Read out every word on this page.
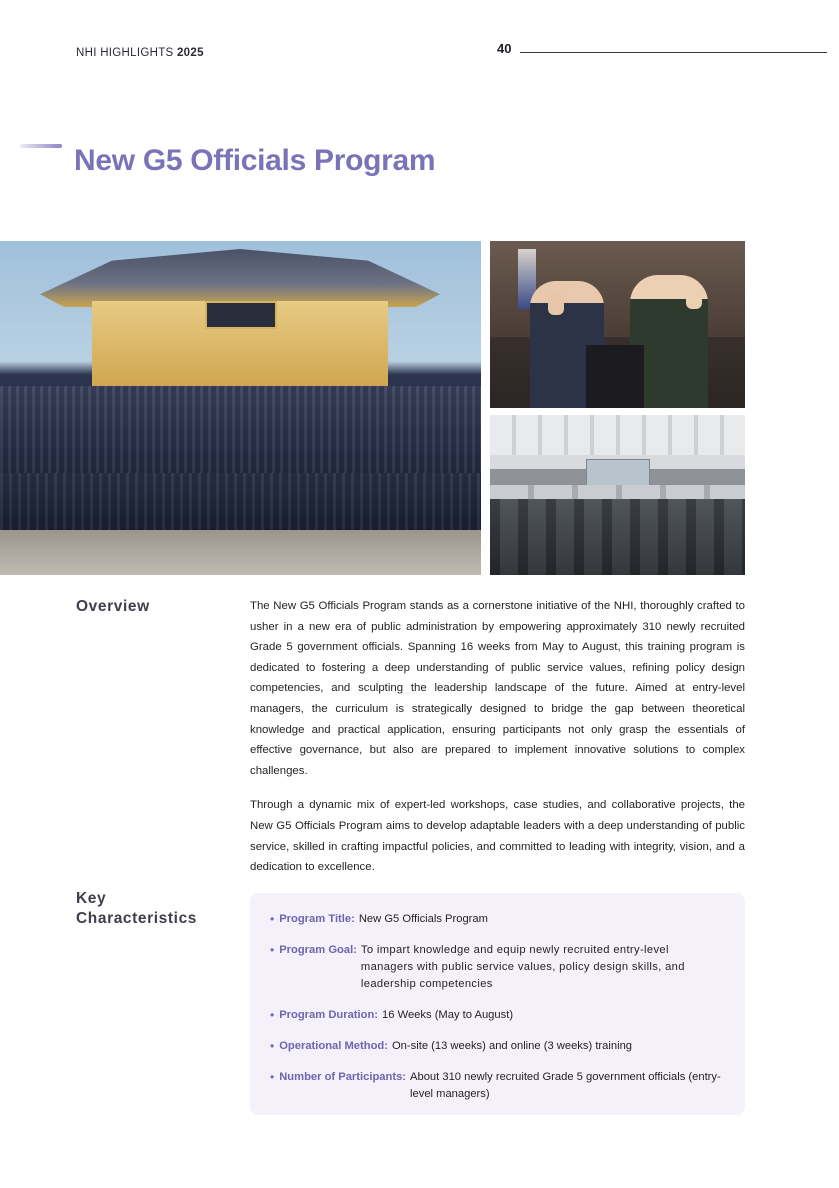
NHI HIGHLIGHTS 2025	40
New G5 Officials Program
Overview	The New G5 Officials Program stands as a cornerstone initiative of the NHI, thoroughly crafted to usher in a new era of public administration by empowering approximately 310 newly recruited Grade 5 government officials. Spanning 16 weeks from May to August, this training program is dedicated to fostering a deep understanding of public service values, refining policy design competencies, and sculpting the leadership landscape of the future. Aimed at entry-level managers, the curriculum is strategically designed to bridge the gap between theoretical knowledge and practical application, ensuring participants not only grasp the essentials of effective governance, but also are prepared to implement innovative solutions to complex challenges.

Through a dynamic mix of expert-led workshops, case studies, and collaborative projects, the New G5 Officials Program aims to develop adaptable leaders with a deep understanding of public service, skilled in crafting impactful policies, and committed to leading with integrity, vision, and a dedication to excellence.

Key
Characteristics	• Program Title: New G5 Officials Program
• Program Goal: To impart knowledge and equip newly recruited entry-level managers with public service values, policy design skills, and leadership competencies
• Program Duration: 16 Weeks (May to August)
• Operational Method: On-site (13 weeks) and online (3 weeks) training
• Number of Participants: About 310 newly recruited Grade 5 government officials (entry-level managers)
